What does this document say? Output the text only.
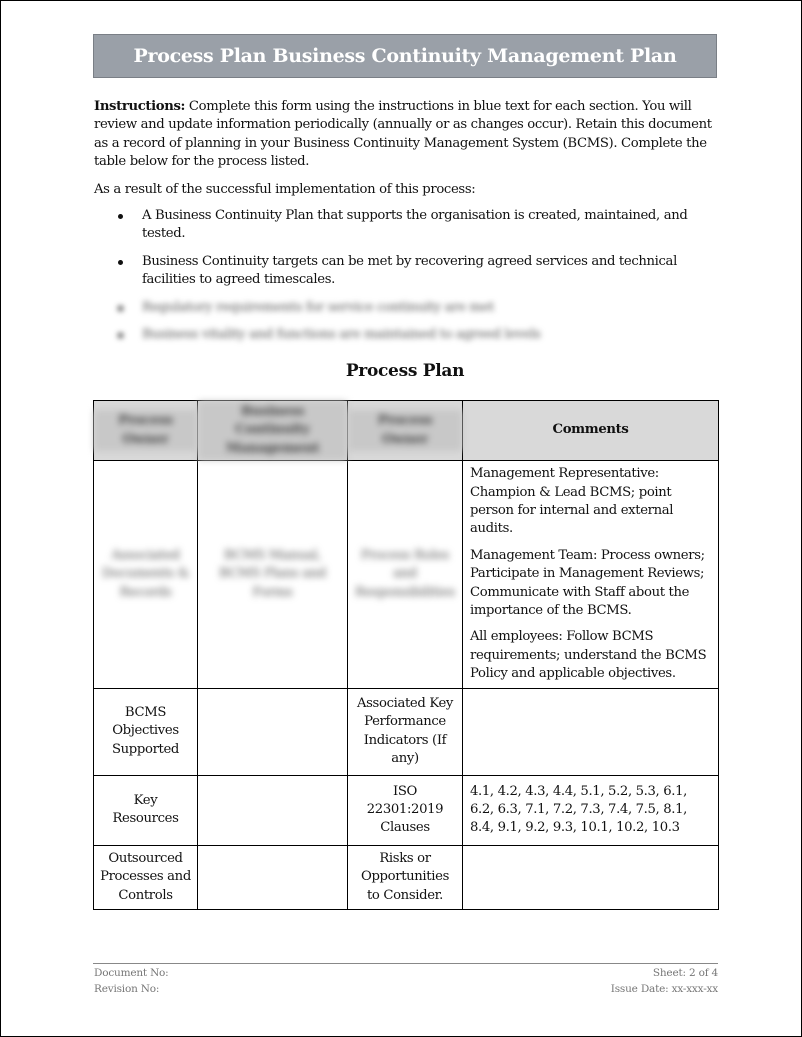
Process Plan Business Continuity Management Plan
Instructions: Complete this form using the instructions in blue text for each section. You will review and update information periodically (annually or as changes occur). Retain this document as a record of planning in your Business Continuity Management System (BCMS). Complete the table below for the process listed.
As a result of the successful implementation of this process:
A Business Continuity Plan that supports the organisation is created, maintained, and tested.
Business Continuity targets can be met by recovering agreed services and technical facilities to agreed timescales.
Regulatory requirements for service continuity are met
Business vitality and functions are maintained to agreed levels
Process Plan
Process Owner	Business Continuity Management	Process Owner	Comments

Associated Documents & Records	BCMS Manual, BCMS Plans and Forms	Process Roles and Responsibilities	Management Representative: Champion & Lead BCMS; point person for internal and external audits.

Management Team: Process owners; Participate in Management Reviews; Communicate with Staff about the importance of the BCMS.

All employees: Follow BCMS requirements; understand the BCMS Policy and applicable objectives.

BCMS Objectives Supported		Associated Key Performance Indicators (If any)	
Key Resources		ISO 22301:2019 Clauses	4.1, 4.2, 4.3, 4.4, 5.1, 5.2, 5.3, 6.1, 6.2, 6.3, 7.1, 7.2, 7.3, 7.4, 7.5, 8.1, 8.4, 9.1, 9.2, 9.3, 10.1, 10.2, 10.3
Outsourced Processes and Controls		Risks or Opportunities to Consider.	
Document No:	Sheet: 2 of 4
Revision No:	Issue Date: xx-xxx-xx
